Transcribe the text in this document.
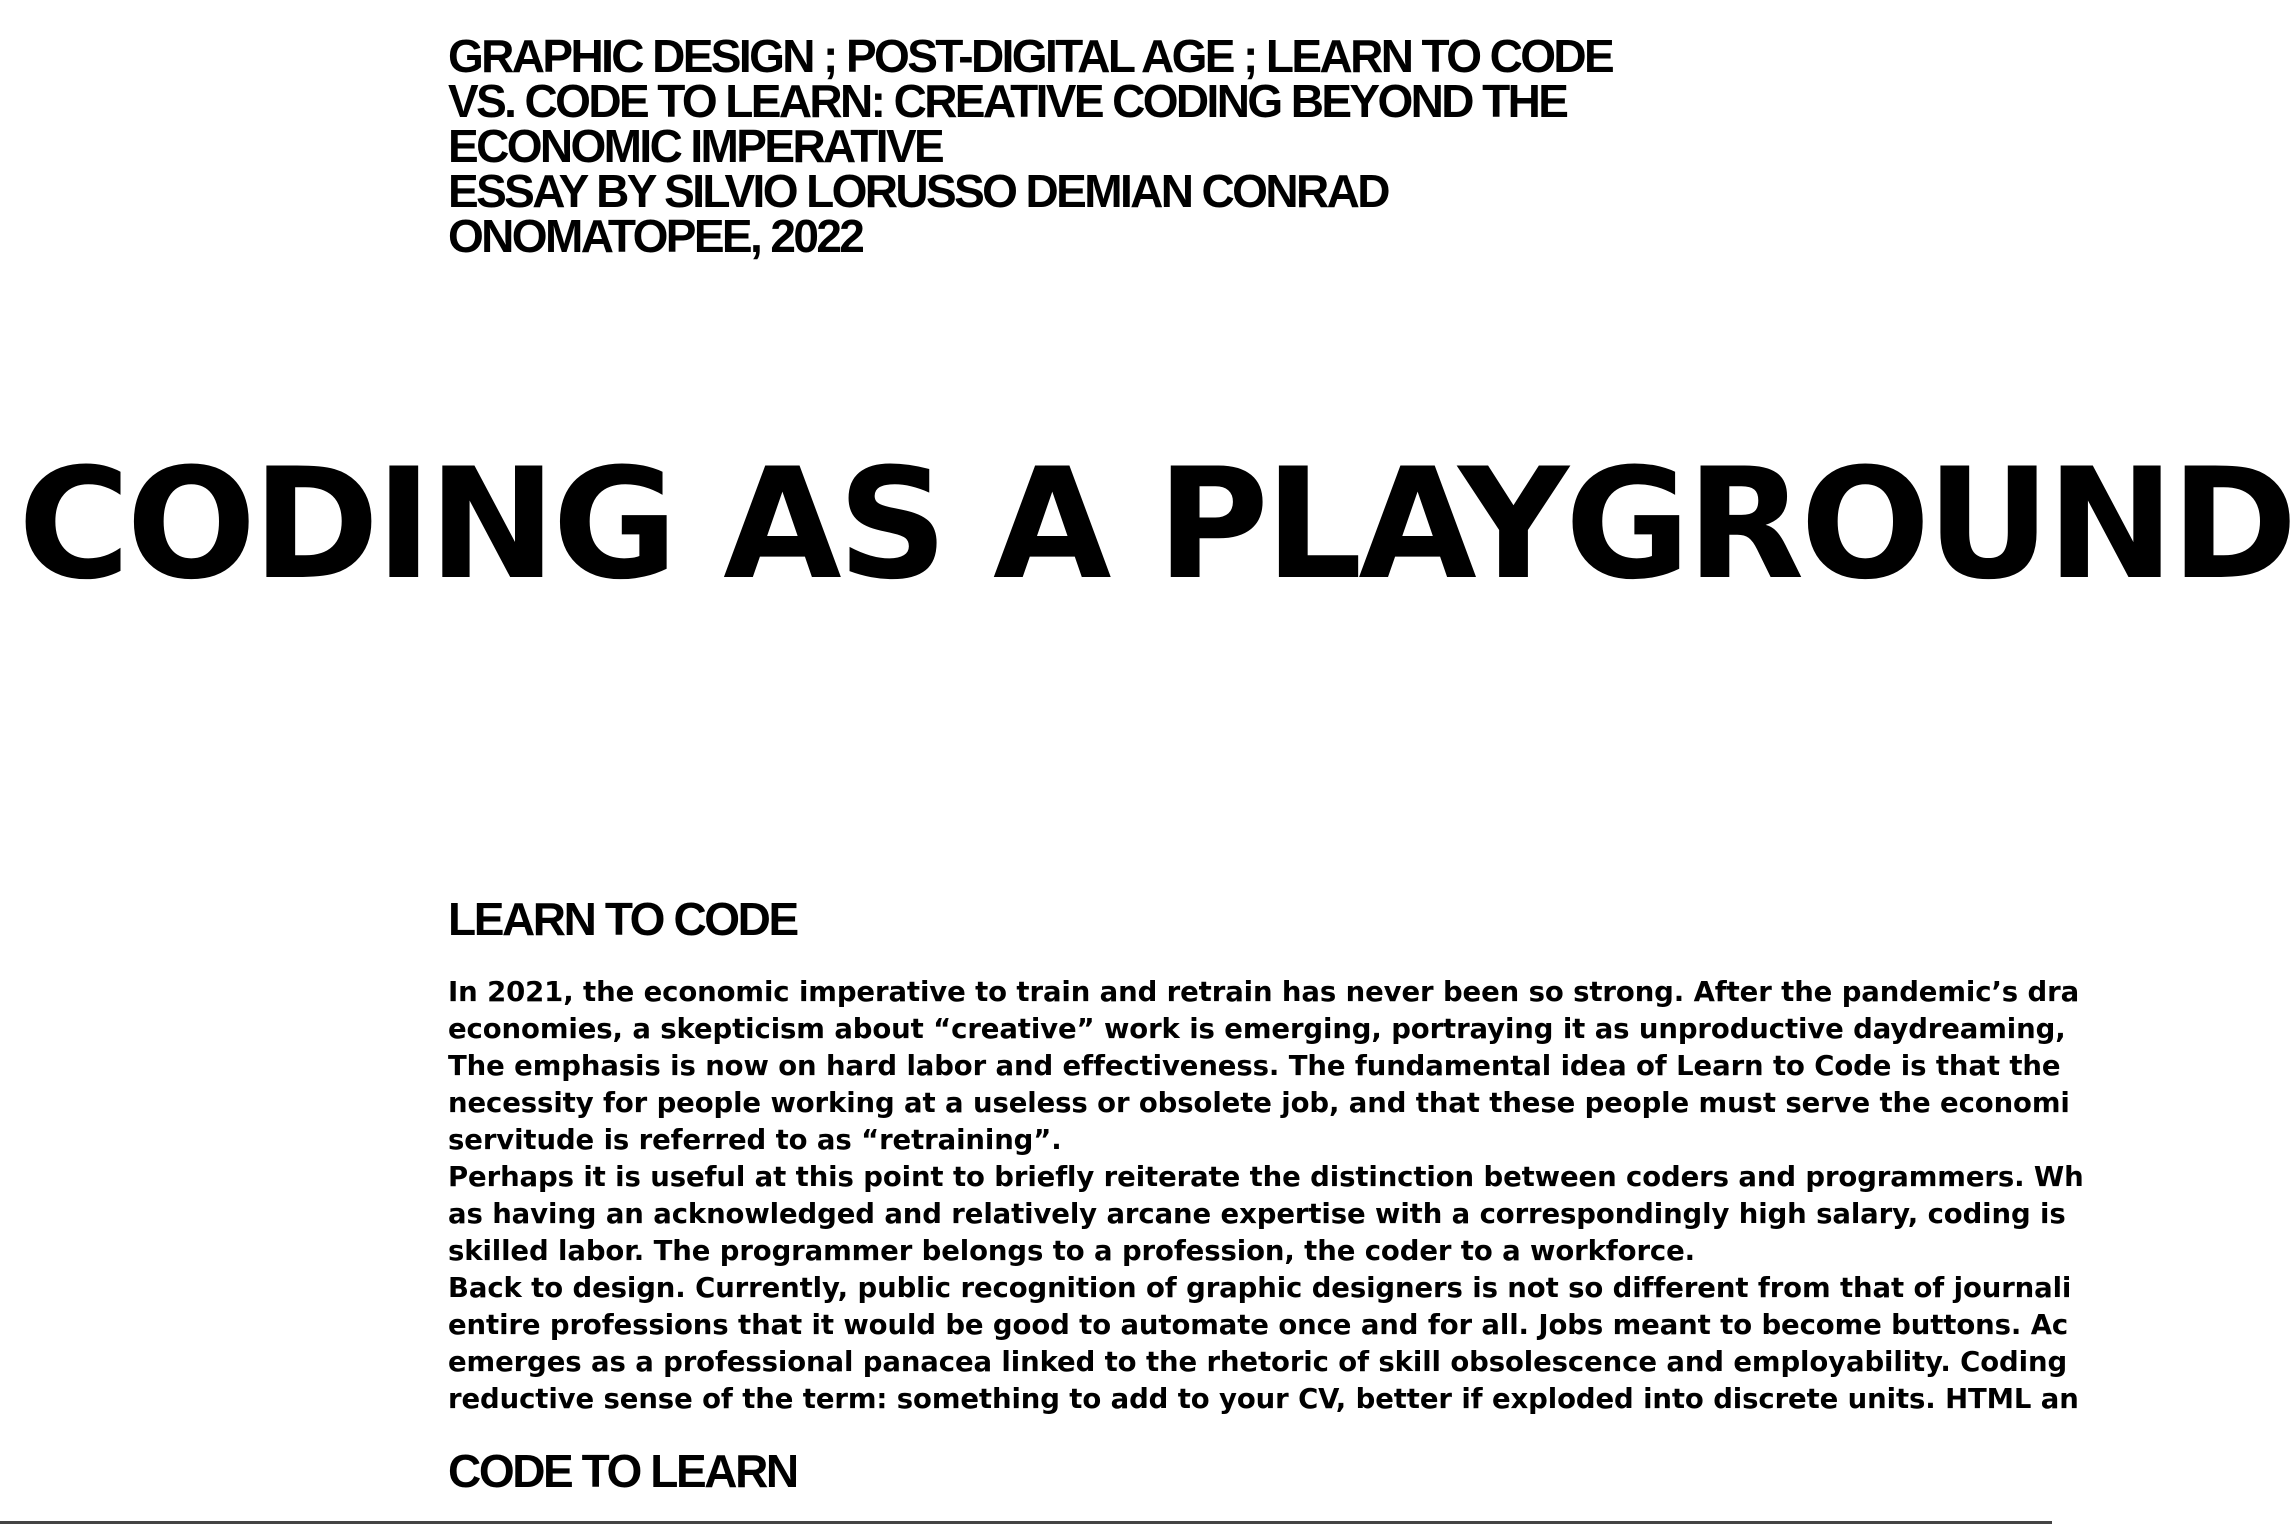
GRAPHIC DESIGN ; POST-DIGITAL AGE ; LEARN TO CODE
VS. CODE TO LEARN: CREATIVE CODING BEYOND THE
ECONOMIC IMPERATIVE
ESSAY BY SILVIO LORUSSO DEMIAN CONRAD
ONOMATOPEE, 2022
CODING AS A PLAYGROUND
LEARN TO CODE

In 2021, the economic imperative to train and retrain has never been so strong. After the pandemic’s dra
economies, a skepticism about “creative” work is emerging, portraying it as unproductive daydreaming,
The emphasis is now on hard labor and effectiveness. The fundamental idea of Learn to Code is that the
necessity for people working at a useless or obsolete job, and that these people must serve the economi
servitude is referred to as “retraining”.
Perhaps it is useful at this point to briefly reiterate the distinction between coders and programmers. Wh
as having an acknowledged and relatively arcane expertise with a correspondingly high salary, coding is
skilled labor. The programmer belongs to a profession, the coder to a workforce.
Back to design. Currently, public recognition of graphic designers is not so different from that of journali
entire professions that it would be good to automate once and for all. Jobs meant to become buttons. Ac
emerges as a professional panacea linked to the rhetoric of skill obsolescence and employability. Coding
reductive sense of the term: something to add to your CV, better if exploded into discrete units. HTML an

CODE TO LEARN
